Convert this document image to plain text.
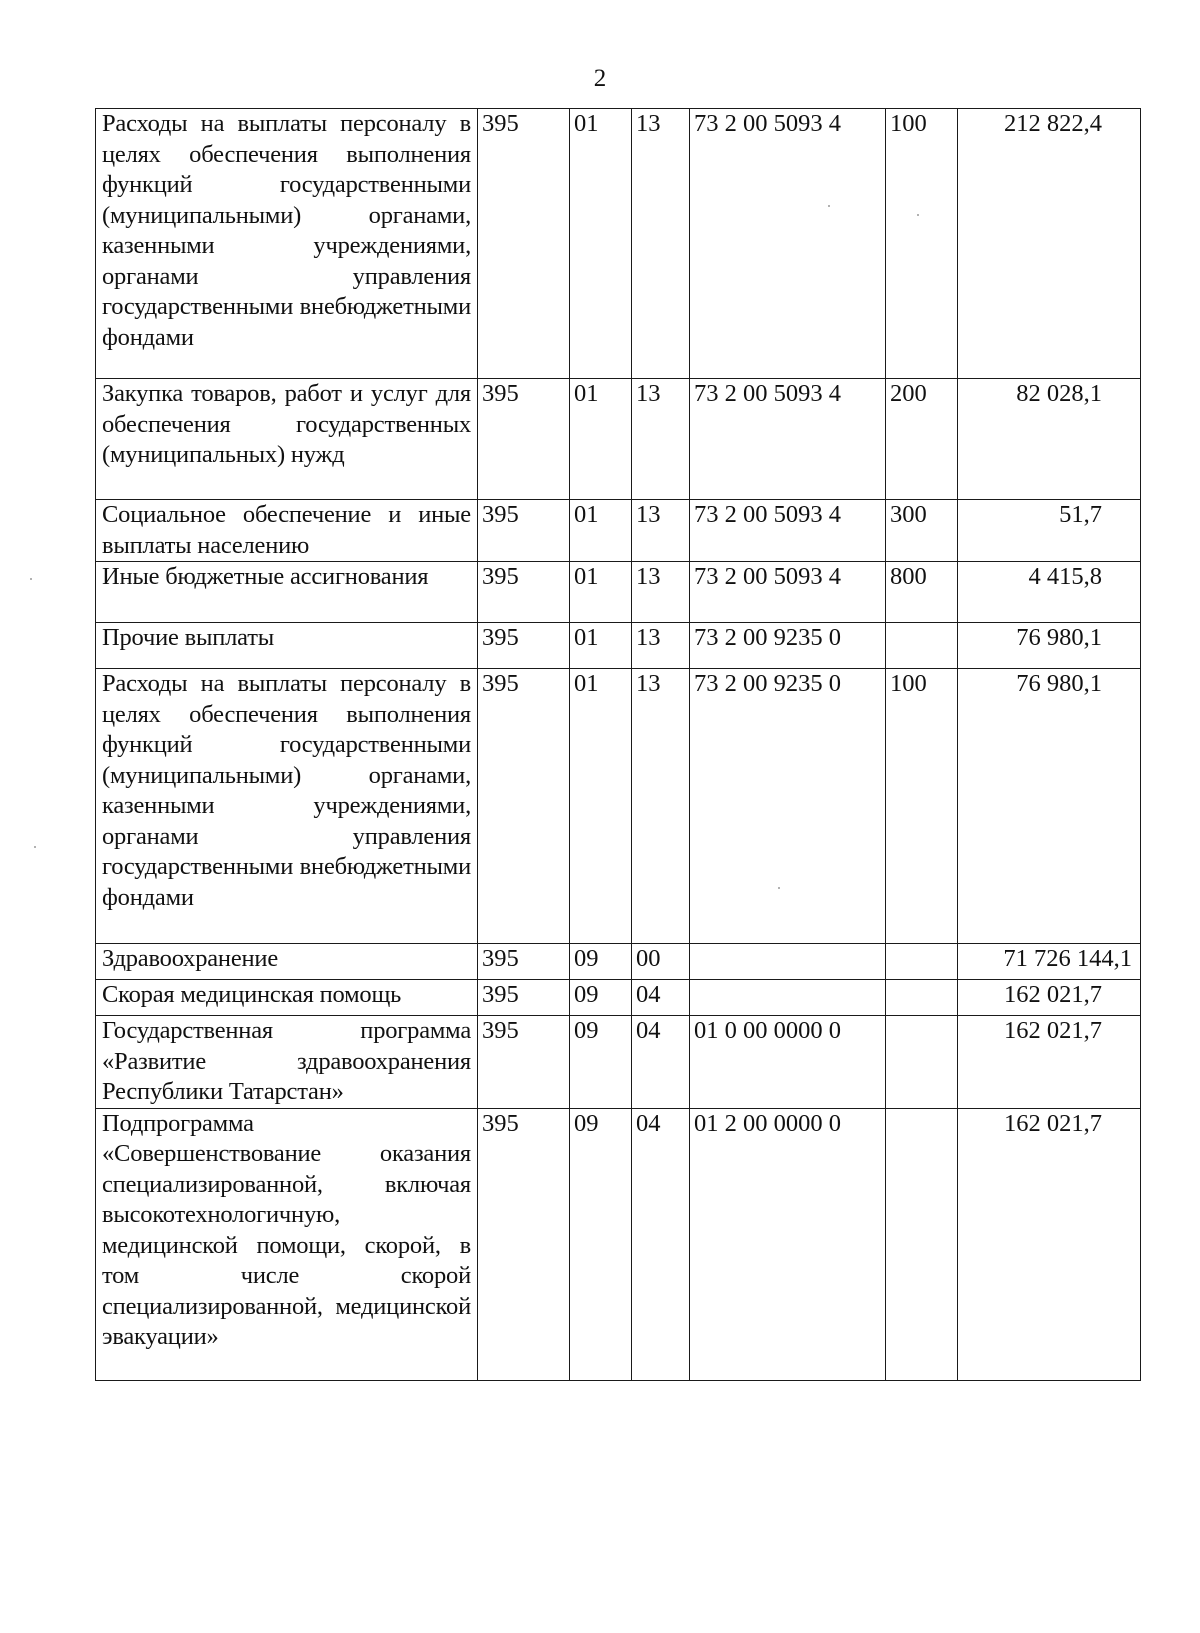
2
Расходы на выплаты персоналу в целях обеспечения выполнения функций государственными (муниципальными) органами, казенными учреждениями, органами управления государственными внебюджетными фондами	395	01	13	73 2 00 5093 4	100	212 822,4
Закупка товаров, работ и услуг для обеспечения государственных (муниципальных) нужд	395	01	13	73 2 00 5093 4	200	82 028,1
Социальное обеспечение и иные выплаты населению	395	01	13	73 2 00 5093 4	300	51,7
Иные бюджетные ассигнования	395	01	13	73 2 00 5093 4	800	4 415,8
Прочие выплаты	395	01	13	73 2 00 9235 0		76 980,1
Расходы на выплаты персоналу в целях обеспечения выполнения функций государственными (муниципальными) органами, казенными учреждениями, органами управления государственными внебюджетными фондами	395	01	13	73 2 00 9235 0	100	76 980,1
Здравоохранение	395	09	00			71 726 144,1
Скорая медицинская помощь	395	09	04			162 021,7
Государственная программа «Развитие здравоохранения Республики Татарстан»	395	09	04	01 0 00 0000 0		162 021,7
Подпрограмма «Совершенствование оказания специализированной, включая высокотехнологичную, медицинской помощи, скорой, в том числе скорой специализированной, медицинской эвакуации»	395	09	04	01 2 00 0000 0		162 021,7
